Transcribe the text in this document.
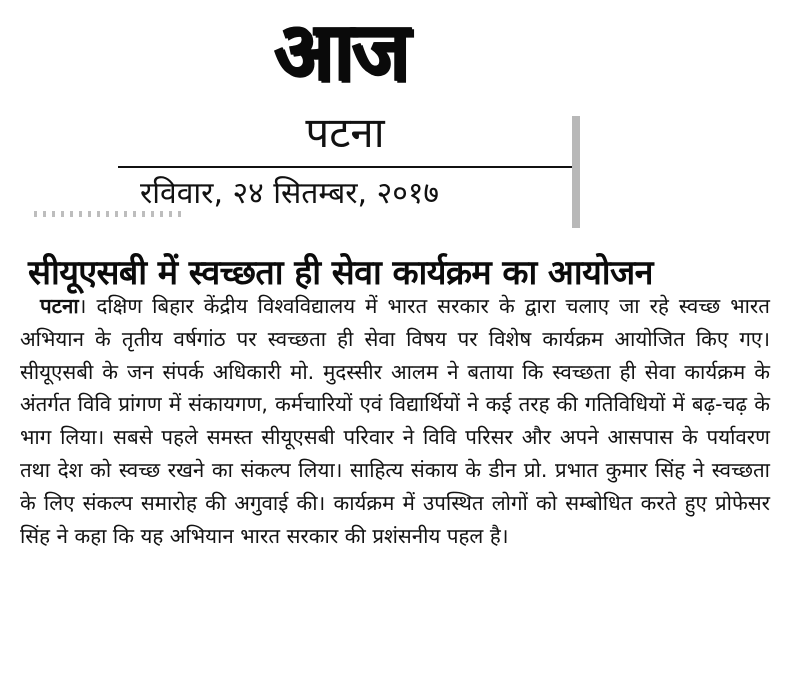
आज
पटना
रविवार, २४ सितम्बर, २०१७
सीयूएसबी में स्वच्छता ही सेवा कार्यक्रम का आयोजन

पटना। दक्षिण बिहार केंद्रीय विश्वविद्यालय में भारत सरकार के द्वारा चलाए जा रहे स्वच्छ भारत अभियान के तृतीय वर्षगांठ पर स्वच्छता ही सेवा विषय पर विशेष कार्यक्रम आयोजित किए गए। सीयूएसबी के जन संपर्क अधिकारी मो. मुदस्सीर आलम ने बताया कि स्वच्छता ही सेवा कार्यक्रम के अंतर्गत विवि प्रांगण में संकायगण, कर्मचारियों एवं विद्यार्थियों ने कई तरह की गतिविधियों में बढ़-चढ़ के भाग लिया। सबसे पहले समस्त सीयूएसबी परिवार ने विवि परिसर और अपने आसपास के पर्यावरण तथा देश को स्वच्छ रखने का संकल्प लिया। साहित्य संकाय के डीन प्रो. प्रभात कुमार सिंह ने स्वच्छता के लिए संकल्प समारोह की अगुवाई की। कार्यक्रम में उपस्थित लोगों को सम्बोधित करते हुए प्रोफेसर सिंह ने कहा कि यह अभियान भारत सरकार की प्रशंसनीय पहल है।
